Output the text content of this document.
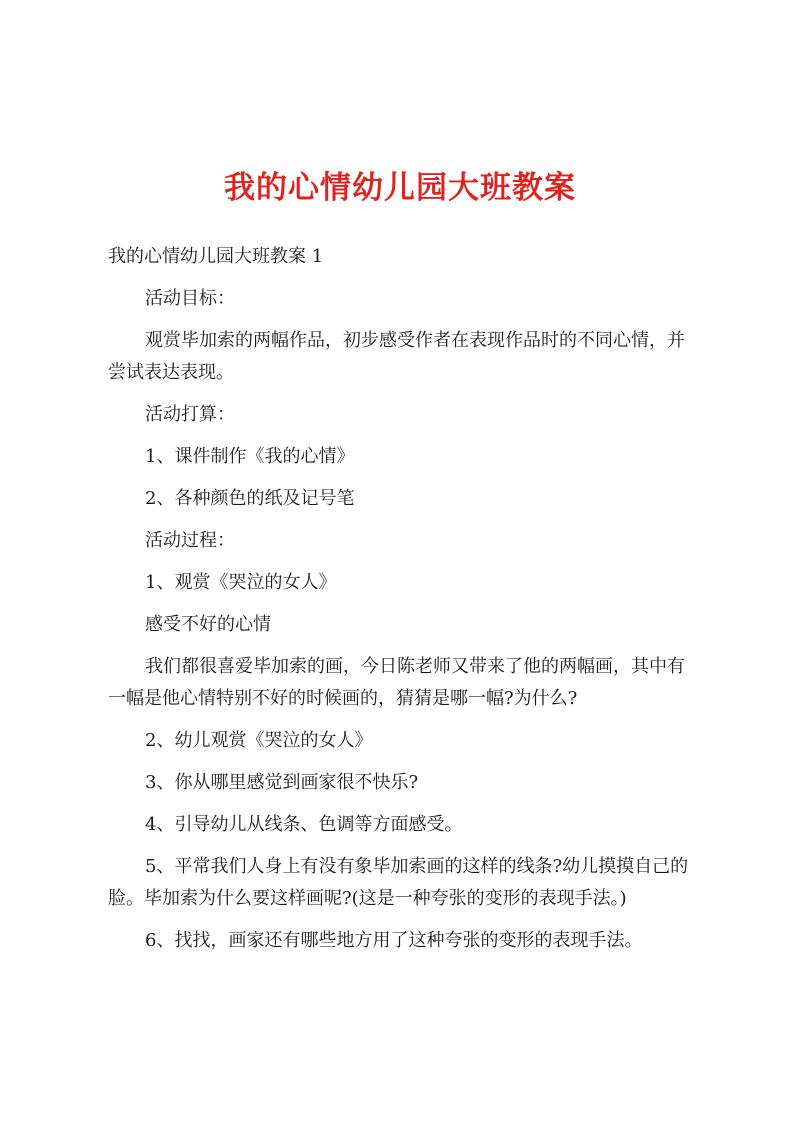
我的心情幼儿园大班教案
我的心情幼儿园大班教案 1
活动目标：
观赏毕加索的两幅作品，初步感受作者在表现作品时的不同心情，并
尝试表达表现。
活动打算：
1、课件制作《我的心情》
2、各种颜色的纸及记号笔
活动过程：
1、观赏《哭泣的女人》
感受不好的心情
我们都很喜爱毕加索的画，今日陈老师又带来了他的两幅画，其中有
一幅是他心情特别不好的时候画的，猜猜是哪一幅?为什么?
2、幼儿观赏《哭泣的女人》
3、你从哪里感觉到画家很不快乐?
4、引导幼儿从线条、色调等方面感受。
5、平常我们人身上有没有象毕加索画的这样的线条?幼儿摸摸自己的
脸。毕加索为什么要这样画呢?(这是一种夸张的变形的表现手法。)
6、找找，画家还有哪些地方用了这种夸张的变形的表现手法。
